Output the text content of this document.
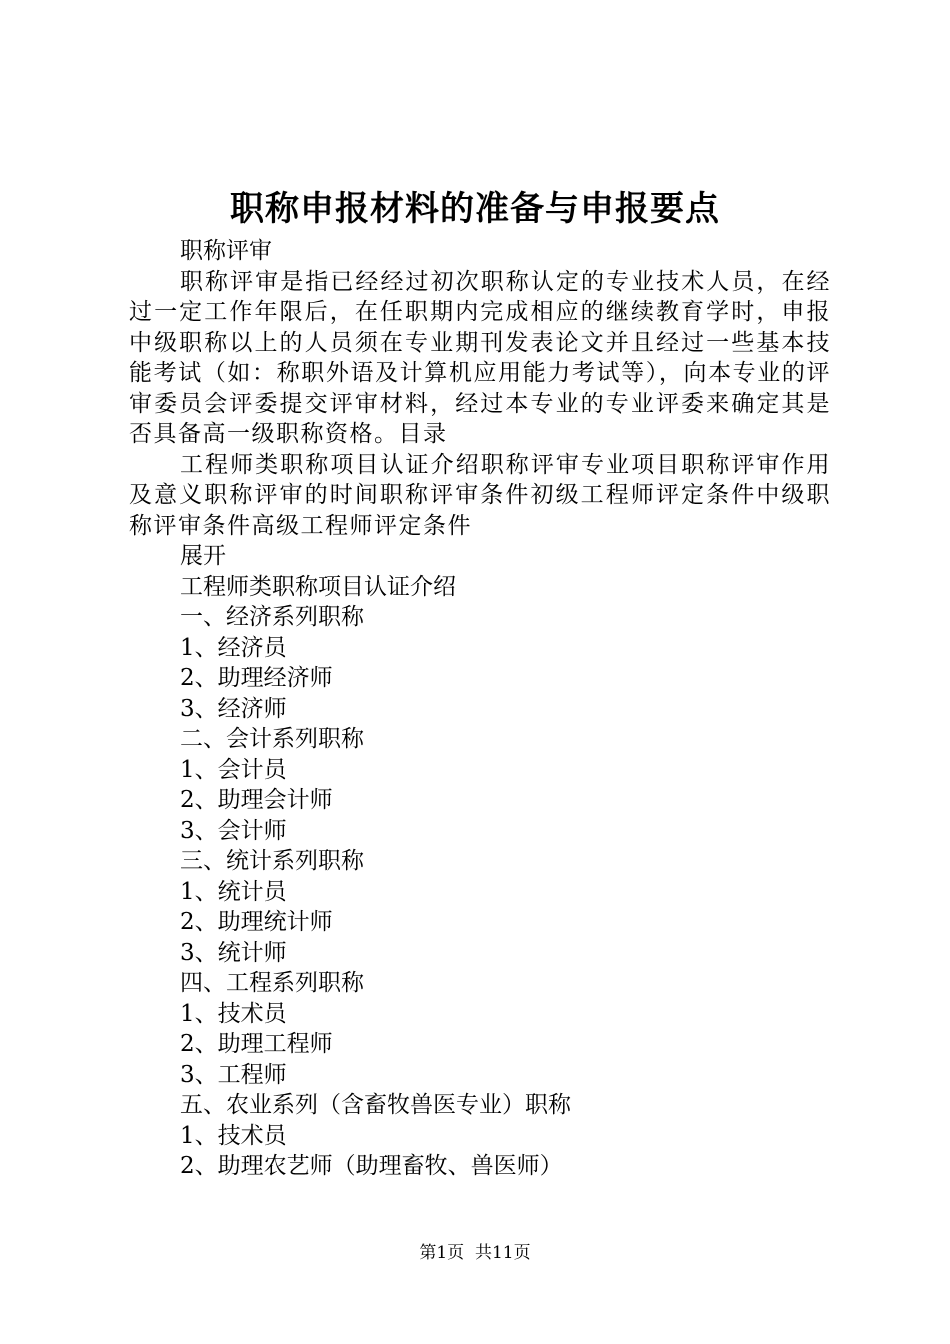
职称申报材料的准备与申报要点

职称评审

职称评审是指已经经过初次职称认定的专业技术人员，在经过一定工作年限后，在任职期内完成相应的继续教育学时，申报中级职称以上的人员须在专业期刊发表论文并且经过一些基本技能考试（如：称职外语及计算机应用能力考试等），向本专业的评审委员会评委提交评审材料，经过本专业的专业评委来确定其是否具备高一级职称资格。目录

工程师类职称项目认证介绍职称评审专业项目职称评审作用及意义职称评审的时间职称评审条件初级工程师评定条件中级职称评审条件高级工程师评定条件

展开

工程师类职称项目认证介绍

一、经济系列职称

1、经济员

2、助理经济师

3、经济师

二、会计系列职称

1、会计员

2、助理会计师

3、会计师

三、统计系列职称

1、统计员

2、助理统计师

3、统计师

四、工程系列职称

1、技术员

2、助理工程师

3、工程师

五、农业系列（含畜牧兽医专业）职称

1、技术员

2、助理农艺师（助理畜牧、兽医师）

第1页  共11页
